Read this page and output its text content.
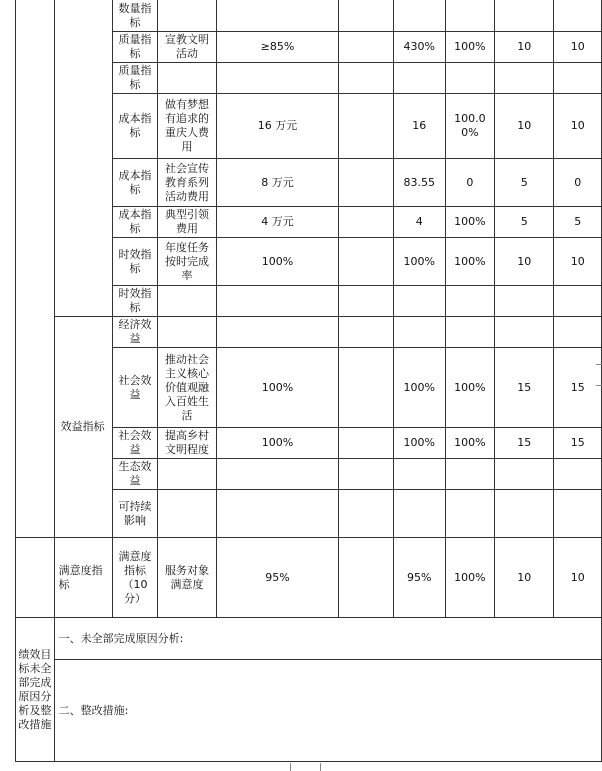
		数量指标							
		质量指标	宣教文明活动	≥85%		430%	100%	10	10
		质量指标							
		成本指标	做有梦想有追求的重庆人费用	16 万元		16	100.00%	10	10
		成本指标	社会宣传教育系列活动费用	8 万元		83.55	0	5	0
		成本指标	典型引领费用	4 万元		4	100%	5	5
		时效指标	年度任务按时完成率	100%		100%	100%	10	10
		时效指标							
	效益指标	经济效益							
		社会效益	推动社会主义核心价值观融入百姓生活	100%		100%	100%	15	15
		社会效益	提高乡村文明程度	100%		100%	100%	15	15
		生态效益							
		可持续影响							
	满意度指标	满意度指标（10分）	服务对象满意度	95%		95%	100%	10	10
绩效目标未全部完成原因分析及整改措施	一、未全部完成原因分析:								
	二、整改措施:								
